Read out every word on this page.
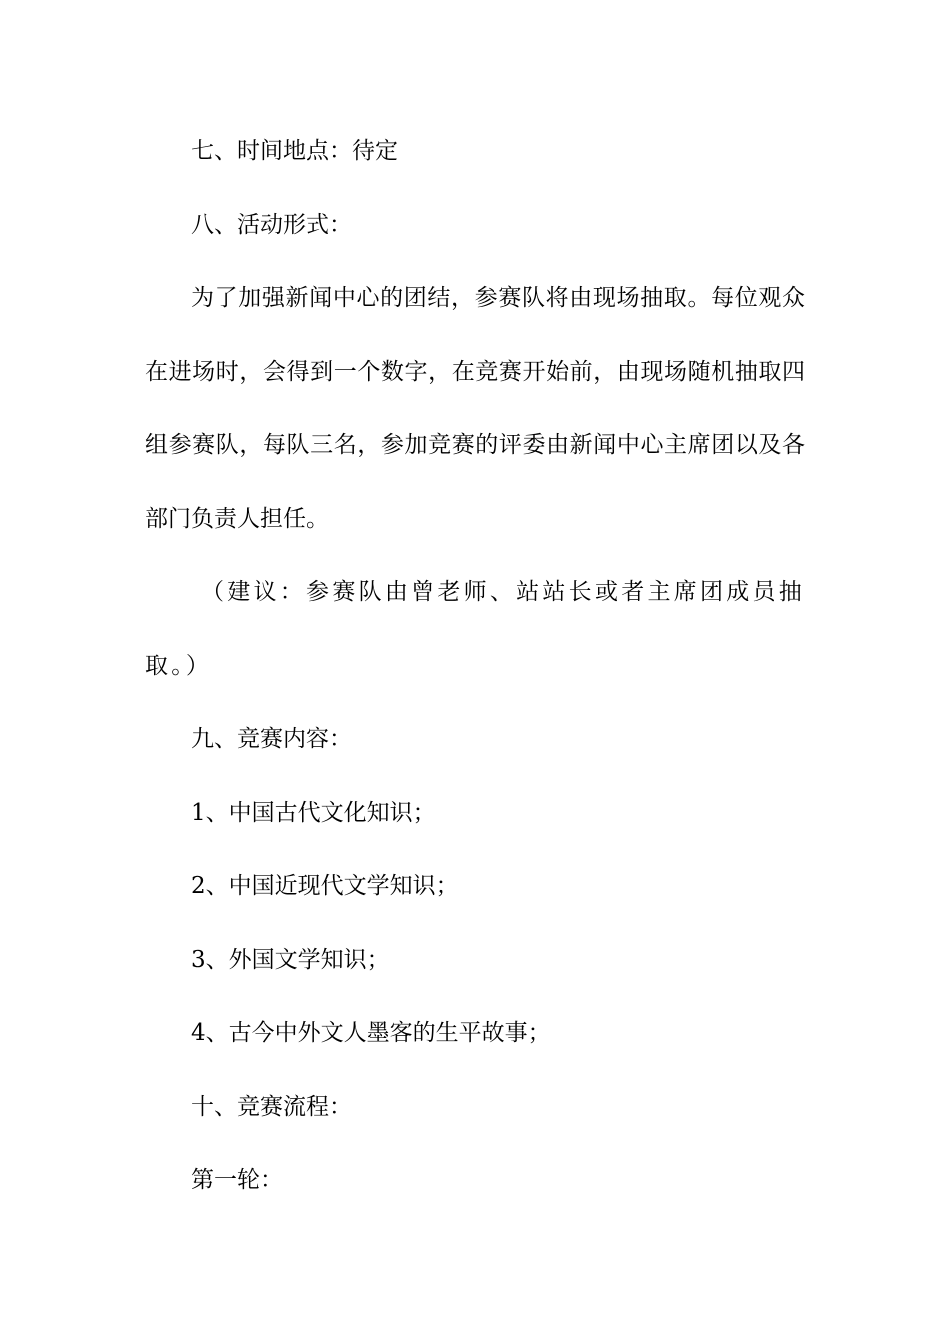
七、时间地点：待定

八、活动形式：

为了加强新闻中心的团结，参赛队将由现场抽取。每位观众在进场时，会得到一个数字，在竞赛开始前，由现场随机抽取四组参赛队，每队三名，参加竞赛的评委由新闻中心主席团以及各部门负责人担任。

（建议：参赛队由曾老师、站站长或者主席团成员抽取。）

九、竞赛内容：

1、中国古代文化知识；

2、中国近现代文学知识；

3、外国文学知识；

4、古今中外文人墨客的生平故事；

十、竞赛流程：

第一轮：
